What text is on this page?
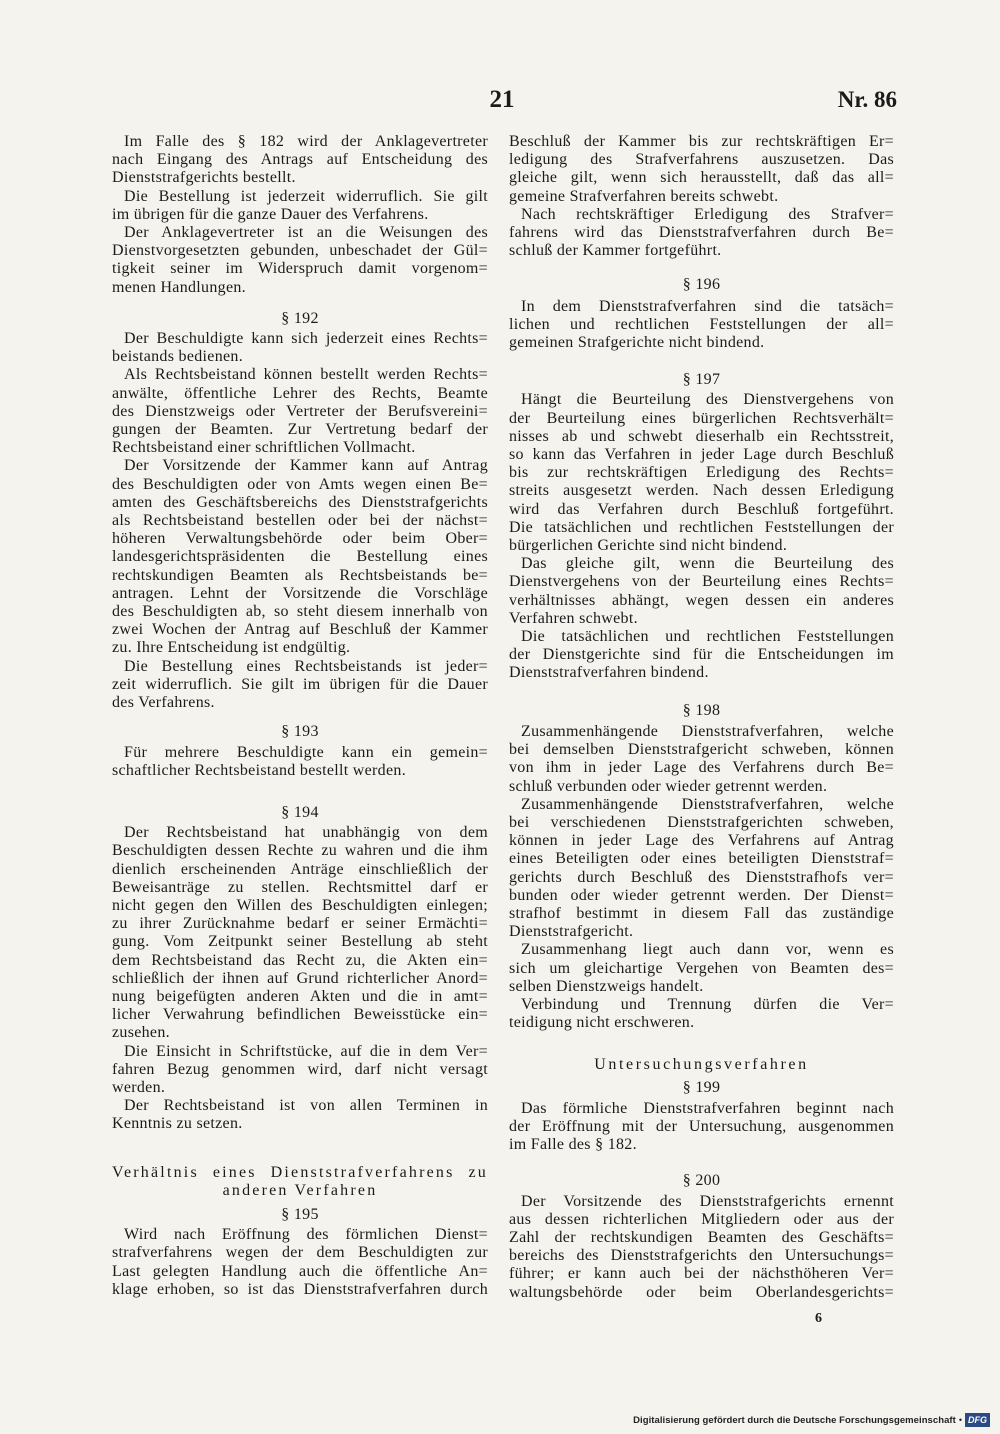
21	Nr. 86
Im Falle des § 182 wird der Anklagevertreter
nach Eingang des Antrags auf Entscheidung des
Dienststrafgerichts bestellt.
Die Bestellung ist jederzeit widerruflich. Sie gilt
im übrigen für die ganze Dauer des Verfahrens.
Der Anklagevertreter ist an die Weisungen des
Dienstvorgesetzten gebunden, unbeschadet der Gül=
tigkeit seiner im Widerspruch damit vorgenom=
menen Handlungen.
§ 192
Der Beschuldigte kann sich jederzeit eines Rechts=
beistands bedienen.
Als Rechtsbeistand können bestellt werden Rechts=
anwälte, öffentliche Lehrer des Rechts, Beamte
des Dienstzweigs oder Vertreter der Berufsvereini=
gungen der Beamten. Zur Vertretung bedarf der
Rechtsbeistand einer schriftlichen Vollmacht.
Der Vorsitzende der Kammer kann auf Antrag
des Beschuldigten oder von Amts wegen einen Be=
amten des Geschäftsbereichs des Dienststrafgerichts
als Rechtsbeistand bestellen oder bei der nächst=
höheren Verwaltungsbehörde oder beim Ober=
landesgerichtspräsidenten die Bestellung eines
rechtskundigen Beamten als Rechtsbeistands be=
antragen. Lehnt der Vorsitzende die Vorschläge
des Beschuldigten ab, so steht diesem innerhalb von
zwei Wochen der Antrag auf Beschluß der Kammer
zu. Ihre Entscheidung ist endgültig.
Die Bestellung eines Rechtsbeistands ist jeder=
zeit widerruflich. Sie gilt im übrigen für die Dauer
des Verfahrens.
§ 193
Für mehrere Beschuldigte kann ein gemein=
schaftlicher Rechtsbeistand bestellt werden.
§ 194
Der Rechtsbeistand hat unabhängig von dem
Beschuldigten dessen Rechte zu wahren und die ihm
dienlich erscheinenden Anträge einschließlich der
Beweisanträge zu stellen. Rechtsmittel darf er
nicht gegen den Willen des Beschuldigten einlegen;
zu ihrer Zurücknahme bedarf er seiner Ermächti=
gung. Vom Zeitpunkt seiner Bestellung ab steht
dem Rechtsbeistand das Recht zu, die Akten ein=
schließlich der ihnen auf Grund richterlicher Anord=
nung beigefügten anderen Akten und die in amt=
licher Verwahrung befindlichen Beweisstücke ein=
zusehen.
Die Einsicht in Schriftstücke, auf die in dem Ver=
fahren Bezug genommen wird, darf nicht versagt
werden.
Der Rechtsbeistand ist von allen Terminen in
Kenntnis zu setzen.
Verhältnis eines Dienststrafverfahrens zu
anderen Verfahren
§ 195
Wird nach Eröffnung des förmlichen Dienst=
strafverfahrens wegen der dem Beschuldigten zur
Last gelegten Handlung auch die öffentliche An=
klage erhoben, so ist das Dienststrafverfahren durch
Beschluß der Kammer bis zur rechtskräftigen Er=
ledigung des Strafverfahrens auszusetzen. Das
gleiche gilt, wenn sich herausstellt, daß das all=
gemeine Strafverfahren bereits schwebt.
Nach rechtskräftiger Erledigung des Strafver=
fahrens wird das Dienststrafverfahren durch Be=
schluß der Kammer fortgeführt.
§ 196
In dem Dienststrafverfahren sind die tatsäch=
lichen und rechtlichen Feststellungen der all=
gemeinen Strafgerichte nicht bindend.
§ 197
Hängt die Beurteilung des Dienstvergehens von
der Beurteilung eines bürgerlichen Rechtsverhält=
nisses ab und schwebt dieserhalb ein Rechtsstreit,
so kann das Verfahren in jeder Lage durch Beschluß
bis zur rechtskräftigen Erledigung des Rechts=
streits ausgesetzt werden. Nach dessen Erledigung
wird das Verfahren durch Beschluß fortgeführt.
Die tatsächlichen und rechtlichen Feststellungen der
bürgerlichen Gerichte sind nicht bindend.
Das gleiche gilt, wenn die Beurteilung des
Dienstvergehens von der Beurteilung eines Rechts=
verhältnisses abhängt, wegen dessen ein anderes
Verfahren schwebt.
Die tatsächlichen und rechtlichen Feststellungen
der Dienstgerichte sind für die Entscheidungen im
Dienststrafverfahren bindend.
§ 198
Zusammenhängende Dienststrafverfahren, welche
bei demselben Dienststrafgericht schweben, können
von ihm in jeder Lage des Verfahrens durch Be=
schluß verbunden oder wieder getrennt werden.
Zusammenhängende Dienststrafverfahren, welche
bei verschiedenen Dienststrafgerichten schweben,
können in jeder Lage des Verfahrens auf Antrag
eines Beteiligten oder eines beteiligten Dienststraf=
gerichts durch Beschluß des Dienststrafhofs ver=
bunden oder wieder getrennt werden. Der Dienst=
strafhof bestimmt in diesem Fall das zuständige
Dienststrafgericht.
Zusammenhang liegt auch dann vor, wenn es
sich um gleichartige Vergehen von Beamten des=
selben Dienstzweigs handelt.
Verbindung und Trennung dürfen die Ver=
teidigung nicht erschweren.
Untersuchungsverfahren
§ 199
Das förmliche Dienststrafverfahren beginnt nach
der Eröffnung mit der Untersuchung, ausgenommen
im Falle des § 182.
§ 200
Der Vorsitzende des Dienststrafgerichts ernennt
aus dessen richterlichen Mitgliedern oder aus der
Zahl der rechtskundigen Beamten des Geschäfts=
bereichs des Dienststrafgerichts den Untersuchungs=
führer; er kann auch bei der nächsthöheren Ver=
waltungsbehörde oder beim Oberlandesgerichts=
6
Digitalisierung gefördert durch die Deutsche Forschungsgemeinschaft • DFG
